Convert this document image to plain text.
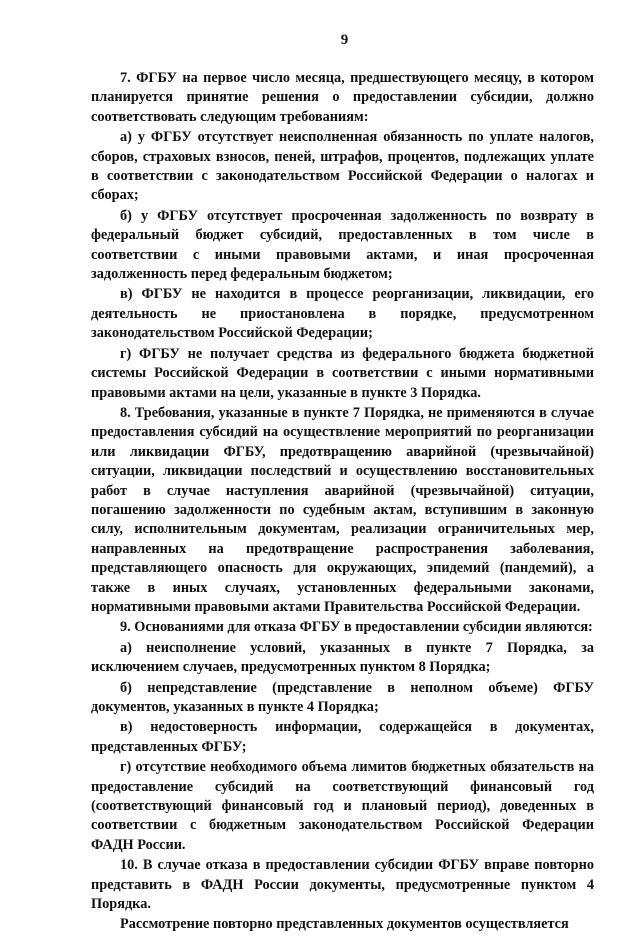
9

7. ФГБУ на первое число месяца, предшествующего месяцу, в котором планируется принятие решения о предоставлении субсидии, должно соответствовать следующим требованиям:

а) у ФГБУ отсутствует неисполненная обязанность по уплате налогов, сборов, страховых взносов, пеней, штрафов, процентов, подлежащих уплате в соответствии с законодательством Российской Федерации о налогах и сборах;

б) у ФГБУ отсутствует просроченная задолженность по возврату в федеральный бюджет субсидий, предоставленных в том числе в соответствии с иными правовыми актами, и иная просроченная задолженность перед федеральным бюджетом;

в) ФГБУ не находится в процессе реорганизации, ликвидации, его деятельность не приостановлена в порядке, предусмотренном законодательством Российской Федерации;

г) ФГБУ не получает средства из федерального бюджета бюджетной системы Российской Федерации в соответствии с иными нормативными правовыми актами на цели, указанные в пункте 3 Порядка.

8. Требования, указанные в пункте 7 Порядка, не применяются в случае предоставления субсидий на осуществление мероприятий по реорганизации или ликвидации ФГБУ, предотвращению аварийной (чрезвычайной) ситуации, ликвидации последствий и осуществлению восстановительных работ в случае наступления аварийной (чрезвычайной) ситуации, погашению задолженности по судебным актам, вступившим в законную силу, исполнительным документам, реализации ограничительных мер, направленных на предотвращение распространения заболевания, представляющего опасность для окружающих, эпидемий (пандемий), а также в иных случаях, установленных федеральными законами, нормативными правовыми актами Правительства Российской Федерации.

9. Основаниями для отказа ФГБУ в предоставлении субсидии являются:

а) неисполнение условий, указанных в пункте 7 Порядка, за исключением случаев, предусмотренных пунктом 8 Порядка;

б) непредставление (представление в неполном объеме) ФГБУ документов, указанных в пункте 4 Порядка;

в) недостоверность информации, содержащейся в документах, представленных ФГБУ;

г) отсутствие необходимого объема лимитов бюджетных обязательств на предоставление субсидий на соответствующий финансовый год (соответствующий финансовый год и плановый период), доведенных в соответствии с бюджетным законодательством Российской Федерации ФАДН России.

10. В случае отказа в предоставлении субсидии ФГБУ вправе повторно представить в ФАДН России документы, предусмотренные пунктом 4 Порядка.

Рассмотрение повторно представленных документов осуществляется
